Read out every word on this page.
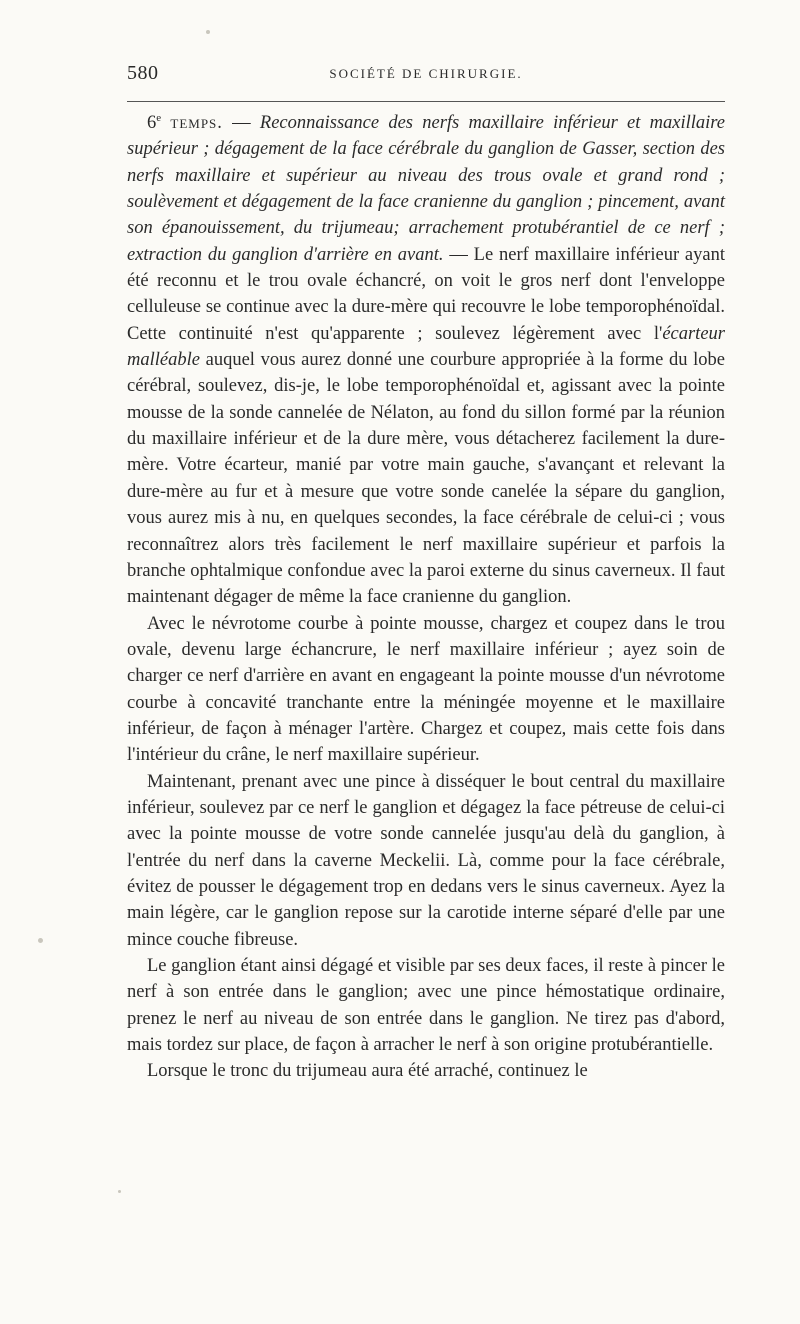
580	SOCIÉTÉ DE CHIRURGIE.

6e temps. — Reconnaissance des nerfs maxillaire inférieur et maxillaire supérieur ; dégagement de la face cérébrale du ganglion de Gasser, section des nerfs maxillaire et supérieur au niveau des trous ovale et grand rond ; soulèvement et dégagement de la face cranienne du ganglion ; pincement, avant son épanouissement, du trijumeau; arrachement protubérantiel de ce nerf ; extraction du ganglion d'arrière en avant. — Le nerf maxillaire inférieur ayant été reconnu et le trou ovale échancré, on voit le gros nerf dont l'enveloppe celluleuse se continue avec la dure-mère qui recouvre le lobe temporophénoïdal. Cette continuité n'est qu'apparente ; soulevez légèrement avec l'écarteur malléable auquel vous aurez donné une courbure appropriée à la forme du lobe cérébral, soulevez, dis-je, le lobe temporophénoïdal et, agissant avec la pointe mousse de la sonde cannelée de Nélaton, au fond du sillon formé par la réunion du maxillaire inférieur et de la dure mère, vous détacherez facilement la dure-mère. Votre écarteur, manié par votre main gauche, s'avançant et relevant la dure-mère au fur et à mesure que votre sonde canelée la sépare du ganglion, vous aurez mis à nu, en quelques secondes, la face cérébrale de celui-ci ; vous reconnaîtrez alors très facilement le nerf maxillaire supérieur et parfois la branche ophtalmique confondue avec la paroi externe du sinus caverneux. Il faut maintenant dégager de même la face cranienne du ganglion.

Avec le névrotome courbe à pointe mousse, chargez et coupez dans le trou ovale, devenu large échancrure, le nerf maxillaire inférieur ; ayez soin de charger ce nerf d'arrière en avant en engageant la pointe mousse d'un névrotome courbe à concavité tranchante entre la méningée moyenne et le maxillaire inférieur, de façon à ménager l'artère. Chargez et coupez, mais cette fois dans l'intérieur du crâne, le nerf maxillaire supérieur.

Maintenant, prenant avec une pince à disséquer le bout central du maxillaire inférieur, soulevez par ce nerf le ganglion et dégagez la face pétreuse de celui-ci avec la pointe mousse de votre sonde cannelée jusqu'au delà du ganglion, à l'entrée du nerf dans la caverne Meckelii. Là, comme pour la face cérébrale, évitez de pousser le dégagement trop en dedans vers le sinus caverneux. Ayez la main légère, car le ganglion repose sur la carotide interne séparé d'elle par une mince couche fibreuse.

Le ganglion étant ainsi dégagé et visible par ses deux faces, il reste à pincer le nerf à son entrée dans le ganglion; avec une pince hémostatique ordinaire, prenez le nerf au niveau de son entrée dans le ganglion. Ne tirez pas d'abord, mais tordez sur place, de façon à arracher le nerf à son origine protubérantielle.

Lorsque le tronc du trijumeau aura été arraché, continuez le
